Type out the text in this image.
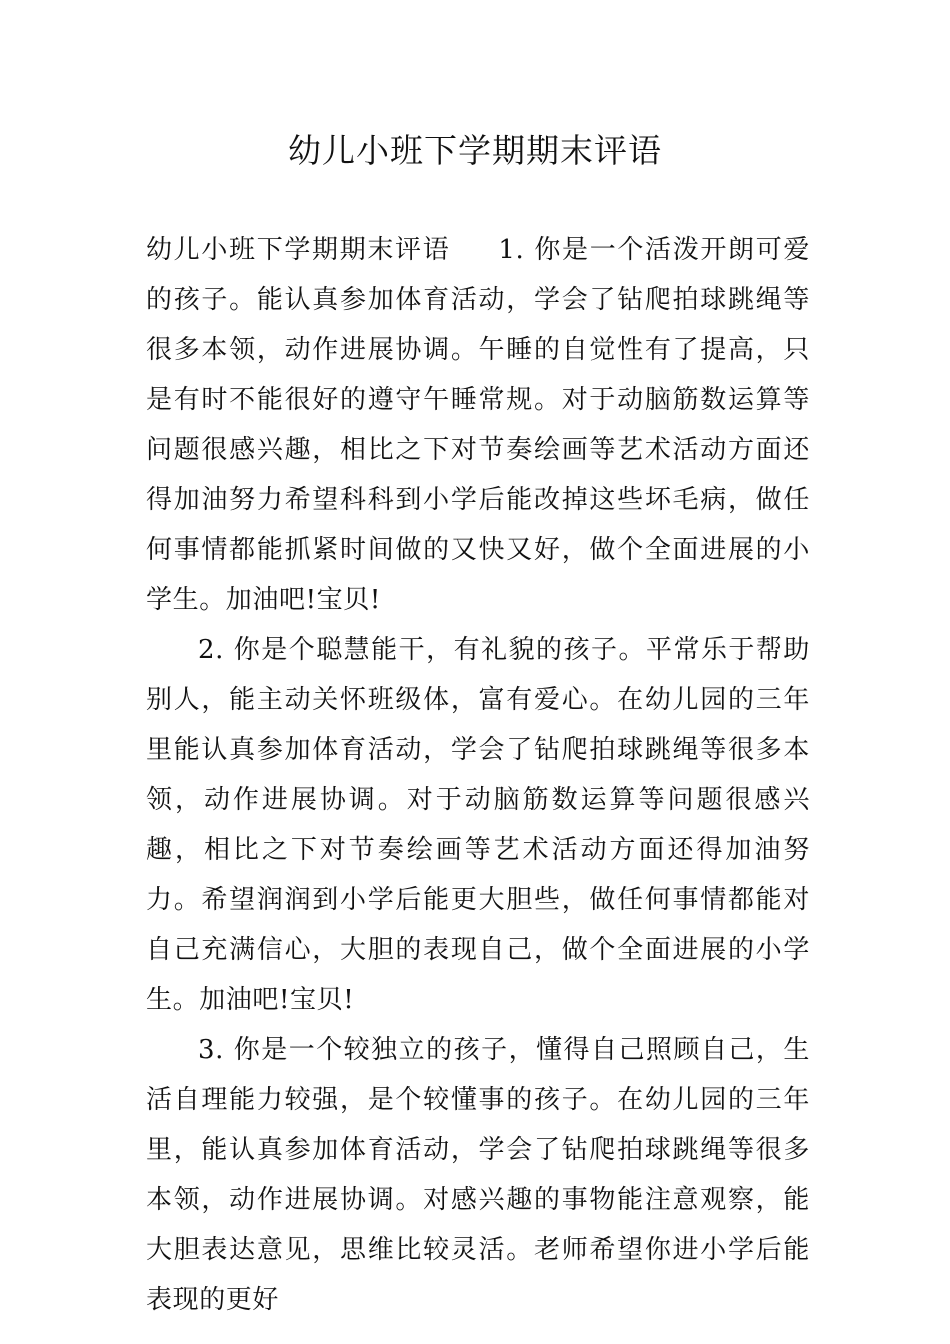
幼儿小班下学期期末评语

幼儿小班下学期期末评语 1. 你是一个活泼开朗可爱的孩子。能认真参加体育活动，学会了钻爬拍球跳绳等很多本领，动作进展协调。午睡的自觉性有了提高，只是有时不能很好的遵守午睡常规。对于动脑筋数运算等问题很感兴趣，相比之下对节奏绘画等艺术活动方面还得加油努力希望科科到小学后能改掉这些坏毛病，做任何事情都能抓紧时间做的又快又好，做个全面进展的小学生。加油吧!宝贝!

2. 你是个聪慧能干，有礼貌的孩子。平常乐于帮助别人，能主动关怀班级体，富有爱心。在幼儿园的三年里能认真参加体育活动，学会了钻爬拍球跳绳等很多本领，动作进展协调。对于动脑筋数运算等问题很感兴趣，相比之下对节奏绘画等艺术活动方面还得加油努力。希望润润到小学后能更大胆些，做任何事情都能对自己充满信心，大胆的表现自己，做个全面进展的小学生。加油吧!宝贝!

3. 你是一个较独立的孩子，懂得自己照顾自己，生活自理能力较强，是个较懂事的孩子。在幼儿园的三年里，能认真参加体育活动，学会了钻爬拍球跳绳等很多本领，动作进展协调。对感兴趣的事物能注意观察，能大胆表达意见，思维比较灵活。老师希望你进小学后能表现的更好
